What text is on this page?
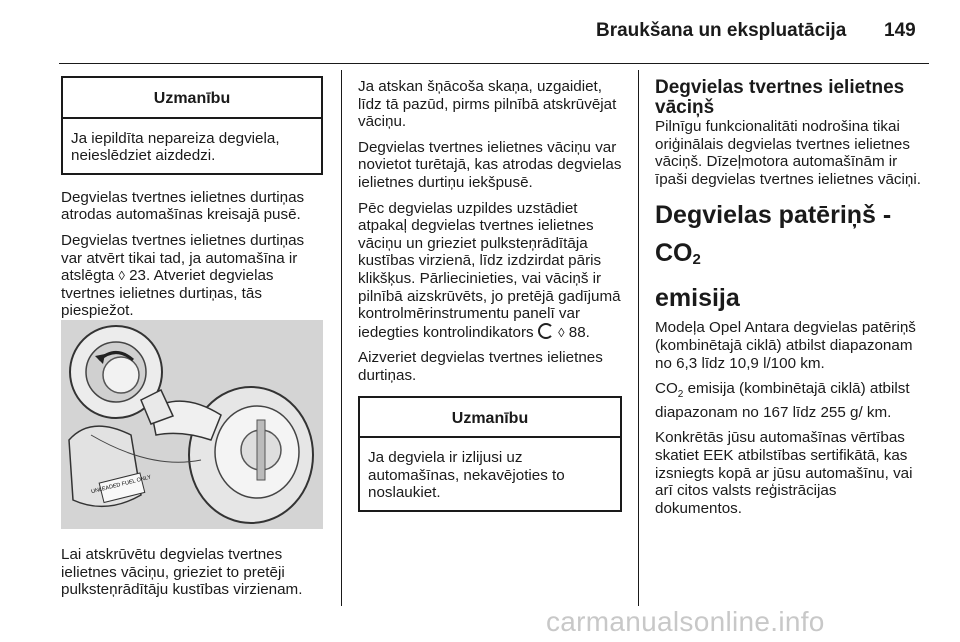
Braukšana un ekspluatācija 149
Uzmanību
Ja iepildīta nepareiza degviela, neieslēdziet aizdedzi.

Degvielas tvertnes ielietnes durtiņas atrodas automašīnas kreisajā pusē.

Degvielas tvertnes ielietnes durtiņas var atvērt tikai tad, ja automašīna ir atslēgta ◊ 23. Atveriet degvielas tvertnes ielietnes durtiņas, tās piespiežot.

UNLEADED FUEL ONLY

Lai atskrūvētu degvielas tvertnes ielietnes vāciņu, grieziet to pretēji pulksteņrādītāju kustības virzienam.

Ja atskan šņācoša skaņa, uzgaidiet, līdz tā pazūd, pirms pilnībā atskrūvējat vāciņu.

Degvielas tvertnes ielietnes vāciņu var novietot turētajā, kas atrodas degvielas ielietnes durtiņu iekšpusē.

Pēc degvielas uzpildes uzstādiet atpakaļ degvielas tvertnes ielietnes vāciņu un grieziet pulksteņrādītāja kustības virzienā, līdz izdzirdat pāris klikšķus. Pārliecinieties, vai vāciņš ir pilnībā aizskrūvēts, jo pretējā gadījumā kontrolmērinstrumentu panelī var iedegties kontrolindikators ◊ 88.

Aizveriet degvielas tvertnes ielietnes durtiņas.

Uzmanību
Ja degviela ir izlijusi uz automašīnas, nekavējoties to noslaukiet.
Degvielas tvertnes ielietnes vāciņš

Pilnīgu funkcionalitāti nodrošina tikai oriģinālais degvielas tvertnes ielietnes vāciņš. Dīzeļmotora automašīnām ir īpaši degvielas tvertnes ielietnes vāciņi.

Degvielas patēriņš - $CO_2$
emisija

Modeļa Opel Antara degvielas patēriņš (kombinētajā ciklā) atbilst diapazonam no 6,3 līdz 10,9 l/100 km.

$CO_2$ emisija (kombinētajā ciklā) atbilst diapazonam no 167 līdz 255 g/ km.

Konkrētās jūsu automašīnas vērtības skatiet EEK atbilstības sertifikātā, kas izsniegts kopā ar jūsu automašīnu, vai arī citos valsts reģistrācijas dokumentos.

carmanualsonline.info
